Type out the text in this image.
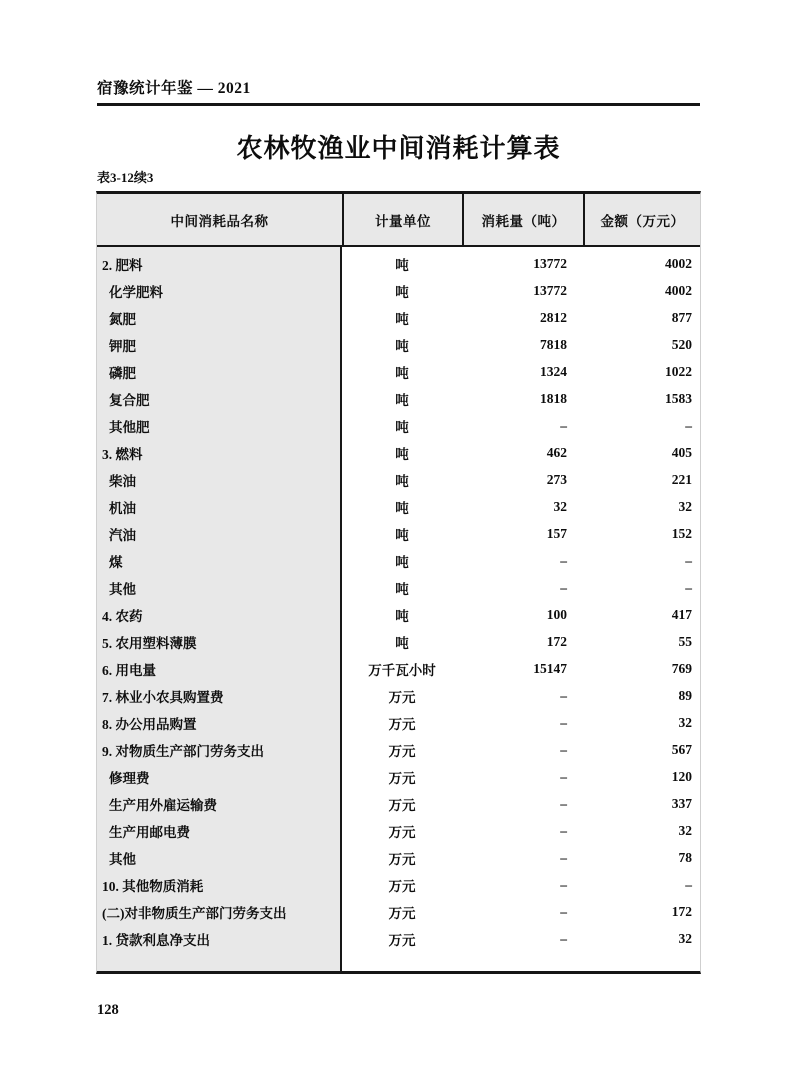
宿豫统计年鉴 — 2021
农林牧渔业中间消耗计算表
表3-12续3
中间消耗品名称	计量单位	消耗量（吨）	金额（万元）
2. 肥料	吨	13772	4002
化学肥料	吨	13772	4002
氮肥	吨	2812	877
钾肥	吨	7818	520
磷肥	吨	1324	1022
复合肥	吨	1818	1583
其他肥	吨	–	–
3. 燃料	吨	462	405
柴油	吨	273	221
机油	吨	32	32
汽油	吨	157	152
煤	吨	–	–
其他	吨	–	–
4. 农药	吨	100	417
5. 农用塑料薄膜	吨	172	55
6. 用电量	万千瓦小时	15147	769
7. 林业小农具购置费	万元	–	89
8. 办公用品购置	万元	–	32
9. 对物质生产部门劳务支出	万元	–	567
修理费	万元	–	120
生产用外雇运输费	万元	–	337
生产用邮电费	万元	–	32
其他	万元	–	78
10. 其他物质消耗	万元	–	–
(二)对非物质生产部门劳务支出	万元	–	172
1. 贷款利息净支出	万元	–	32
128
